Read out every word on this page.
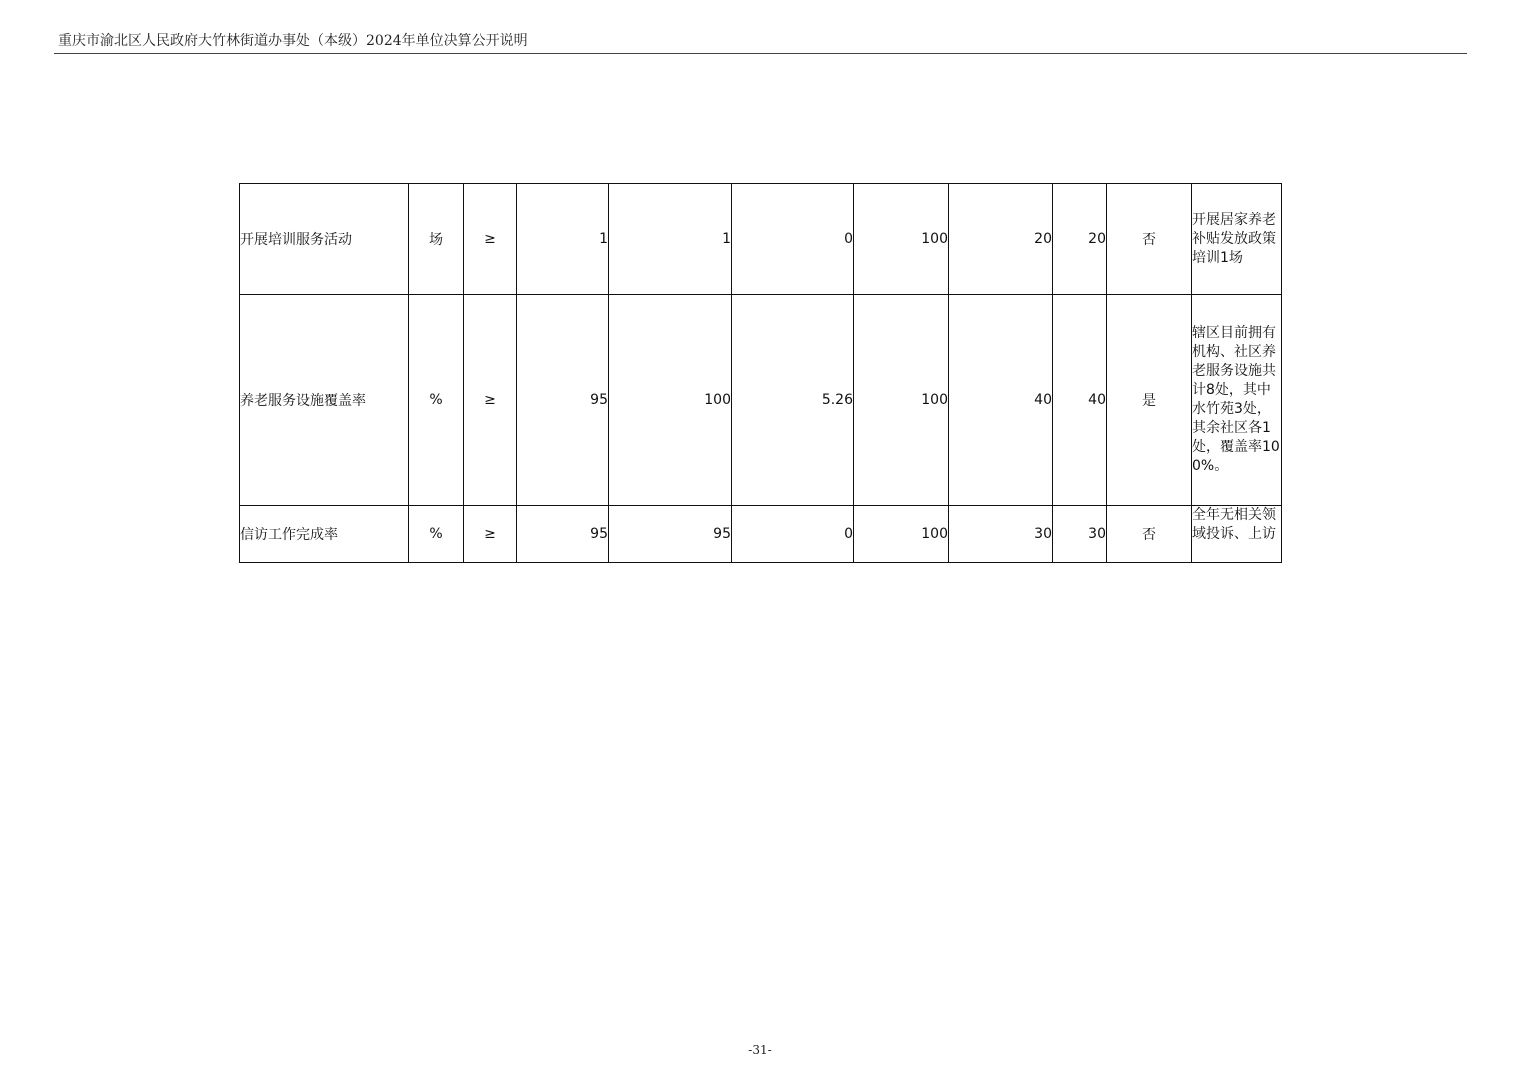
重庆市渝北区人民政府大竹林街道办事处（本级）2024年单位决算公开说明
开展培训服务活动	场	≥	1	1	0	100	20	20	否	开展居家养老补贴发放政策培训1场

养老服务设施覆盖率	%	≥	95	100	5.26	100	40	40	是	辖区目前拥有机构、社区养老服务设施共计8处，其中水竹苑3处，其余社区各1处，覆盖率100%。

信访工作完成率	%	≥	95	95	0	100	30	30	否	全年无相关领域投诉、上访
-31-
